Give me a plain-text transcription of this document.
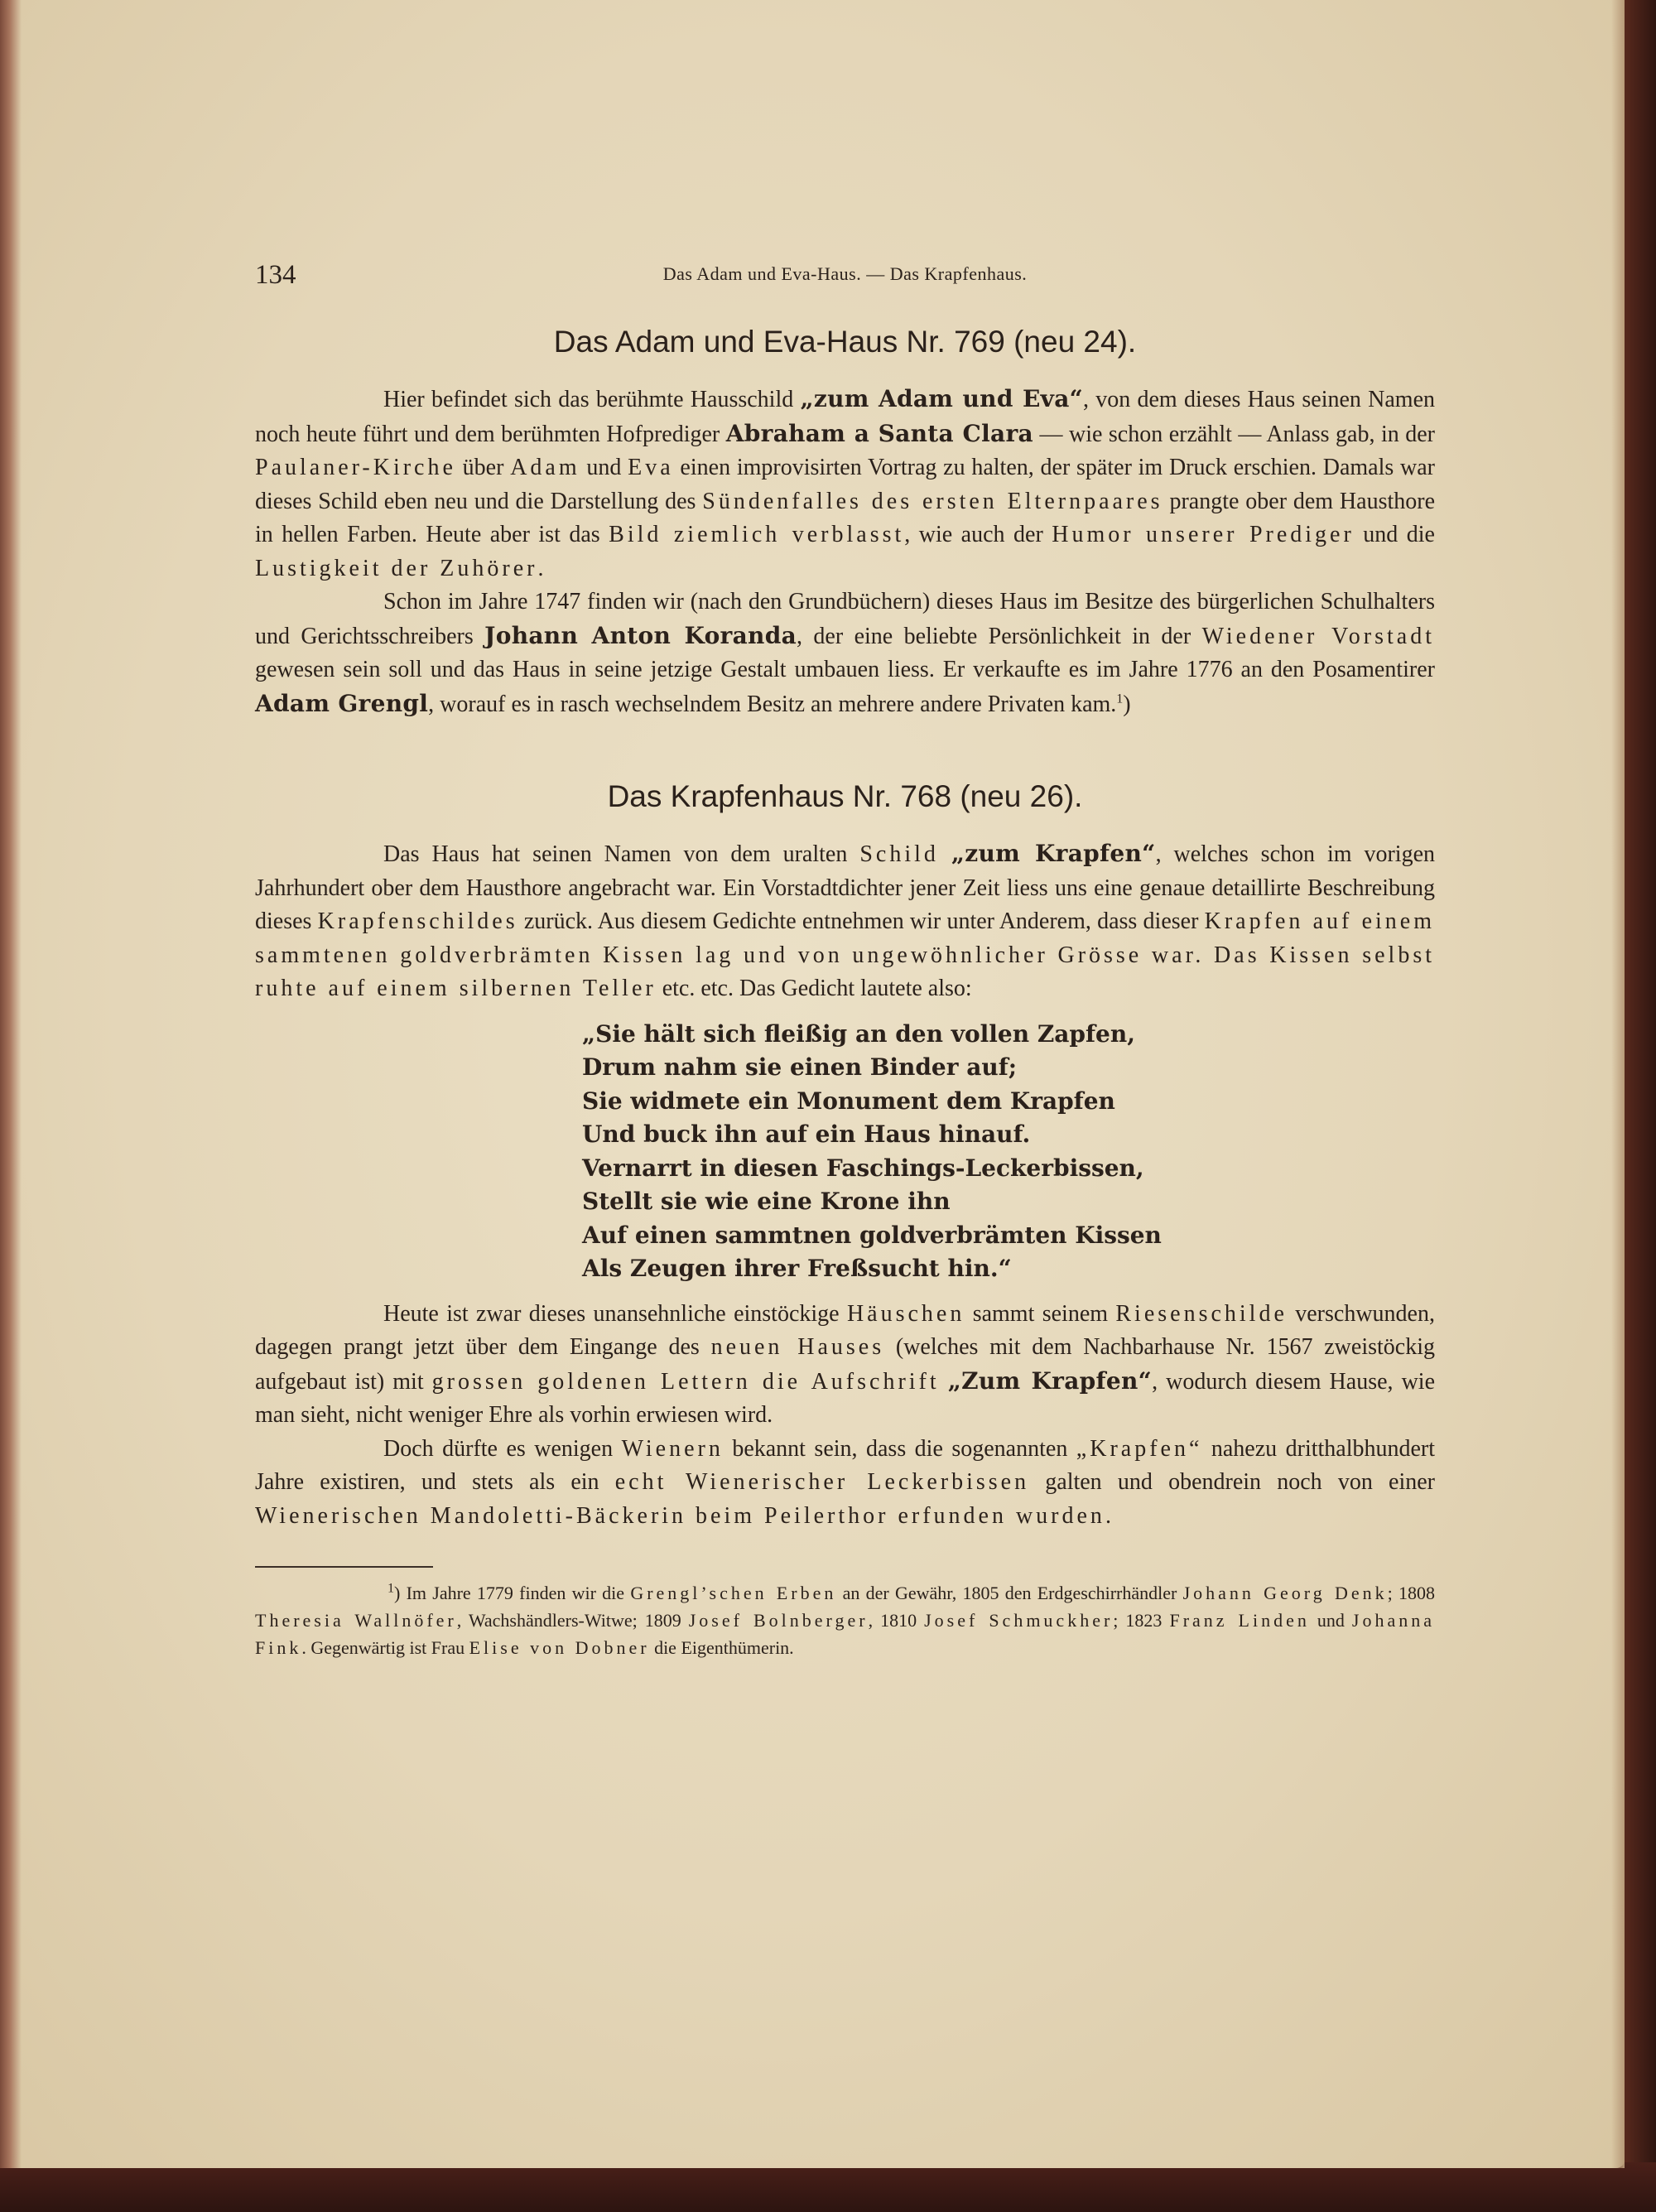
134	Das Adam und Eva-Haus. — Das Krapfenhaus.
Das Adam und Eva-Haus Nr. 769 (neu 24).

Hier befindet sich das berühmte Hausschild „zum Adam und Eva“, von dem dieses Haus seinen Namen noch heute führt und dem berühmten Hofprediger Abraham a Santa Clara — wie schon erzählt — Anlass gab, in der Paulaner-Kirche über Adam und Eva einen improvisirten Vortrag zu halten, der später im Druck erschien. Damals war dieses Schild eben neu und die Darstellung des Sündenfalles des ersten Elternpaares prangte ober dem Hausthore in hellen Farben. Heute aber ist das Bild ziemlich verblasst, wie auch der Humor unserer Prediger und die Lustigkeit der Zuhörer.

Schon im Jahre 1747 finden wir (nach den Grundbüchern) dieses Haus im Besitze des bürgerlichen Schulhalters und Gerichtsschreibers Johann Anton Koranda, der eine beliebte Persönlichkeit in der Wiedener Vorstadt gewesen sein soll und das Haus in seine jetzige Gestalt umbauen liess. Er verkaufte es im Jahre 1776 an den Posamentirer Adam Grengl, worauf es in rasch wechselndem Besitz an mehrere andere Privaten kam.$^1$)

Das Krapfenhaus Nr. 768 (neu 26).

Das Haus hat seinen Namen von dem uralten Schild „zum Krapfen“, welches schon im vorigen Jahrhundert ober dem Hausthore angebracht war. Ein Vorstadtdichter jener Zeit liess uns eine genaue detaillirte Beschreibung dieses Krapfenschildes zurück. Aus diesem Gedichte entnehmen wir unter Anderem, dass dieser Krapfen auf einem sammtenen goldverbrämten Kissen lag und von ungewöhnlicher Grösse war. Das Kissen selbst ruhte auf einem silbernen Teller etc. etc. Das Gedicht lautete also:

„Sie hält sich fleißig an den vollen Zapfen,
Drum nahm sie einen Binder auf;
Sie widmete ein Monument dem Krapfen
Und buck ihn auf ein Haus hinauf.
Vernarrt in diesen Faschings-Leckerbissen,
Stellt sie wie eine Krone ihn
Auf einen sammtnen goldverbrämten Kissen
Als Zeugen ihrer Freßsucht hin.“

Heute ist zwar dieses unansehnliche einstöckige Häuschen sammt seinem Riesenschilde verschwunden, dagegen prangt jetzt über dem Eingange des neuen Hauses (welches mit dem Nachbarhause Nr. 1567 zweistöckig aufgebaut ist) mit grossen goldenen Lettern die Aufschrift „Zum Krapfen“, wodurch diesem Hause, wie man sieht, nicht weniger Ehre als vorhin erwiesen wird.

Doch dürfte es wenigen Wienern bekannt sein, dass die sogenannten „Krapfen“ nahezu dritthalbhundert Jahre existiren, und stets als ein echt Wienerischer Leckerbissen galten und obendrein noch von einer Wienerischen Mandoletti-Bäckerin beim Peilerthor erfunden wurden.

$^1$) Im Jahre 1779 finden wir die Grengl’schen Erben an der Gewähr, 1805 den Erdgeschirrhändler Johann Georg Denk; 1808 Theresia Wallnöfer, Wachshändlers-Witwe; 1809 Josef Bolnberger, 1810 Josef Schmuckher; 1823 Franz Linden und Johanna Fink. Gegenwärtig ist Frau Elise von Dobner die Eigenthümerin.
